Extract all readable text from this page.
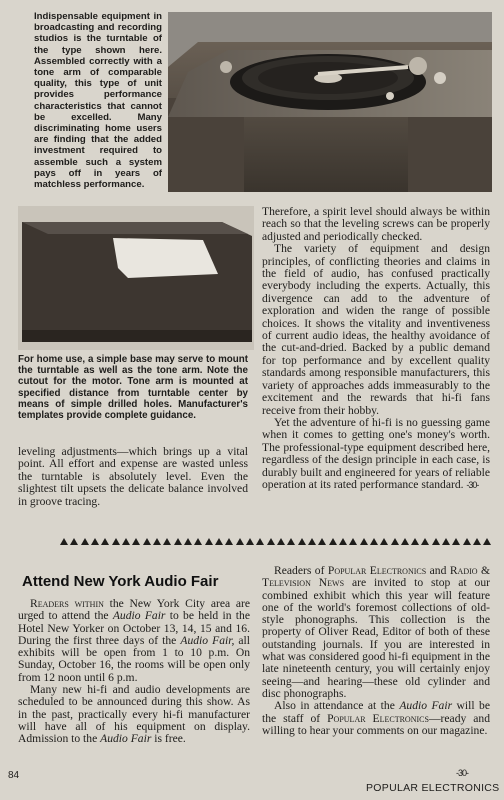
Indispensable equipment in broadcasting and recording studios is the turntable of the type shown here. Assembled correctly with a tone arm of comparable quality, this type of unit provides performance characteristics that cannot be excelled. Many discriminating home users are finding that the added investment required to assemble such a system pays off in years of matchless performance.

For home use, a simple base may serve to mount the turntable as well as the tone arm. Note the cutout for the motor. Tone arm is mounted at specified distance from turntable center by means of simple drilled holes. Manufacturer's templates provide complete guidance.

Therefore, a spirit level should always be within reach so that the leveling screws can be properly adjusted and periodically checked.

The variety of equipment and design principles, of conflicting theories and claims in the field of audio, has confused practically everybody including the experts. Actually, this divergence can add to the adventure of exploration and widen the range of possible choices. It shows the vitality and inventiveness of current audio ideas, the healthy avoidance of the cut-and-dried. Backed by a public demand for top performance and by excellent quality standards among responsible manufacturers, this variety of approaches adds immeasurably to the excitement and the rewards that hi-fi fans receive from their hobby.

Yet the adventure of hi-fi is no guessing game when it comes to getting one's money's worth. The professional-type equipment described here, regardless of the design principle in each case, is durably built and engineered for years of reliable operation at its rated performance standard. -30-

leveling adjustments—which brings up a vital point. All effort and expense are wasted unless the turntable is absolutely level. Even the slightest tilt upsets the delicate balance involved in groove tracing.

Attend New York Audio Fair

Readers within the New York City area are urged to attend the Audio Fair to be held in the Hotel New Yorker on October 13, 14, 15 and 16. During the first three days of the Audio Fair, all exhibits will be open from 1 to 10 p.m. On Sunday, October 16, the rooms will be open only from 12 noon until 6 p.m.

Many new hi-fi and audio developments are scheduled to be announced during this show. As in the past, practically every hi-fi manufacturer will have all of his equipment on display. Admission to the Audio Fair is free.

Readers of Popular Electronics and Radio & Television News are invited to stop at our combined exhibit which this year will feature one of the world's foremost collections of old-style phonographs. This collection is the property of Oliver Read, Editor of both of these outstanding journals. If you are interested in what was considered good hi-fi equipment in the late nineteenth century, you will certainly enjoy seeing—and hearing—these old cylinder and disc phonographs.

Also in attendance at the Audio Fair will be the staff of Popular Electronics—ready and willing to hear your comments on our magazine.

84	-30-
POPULAR ELECTRONICS
